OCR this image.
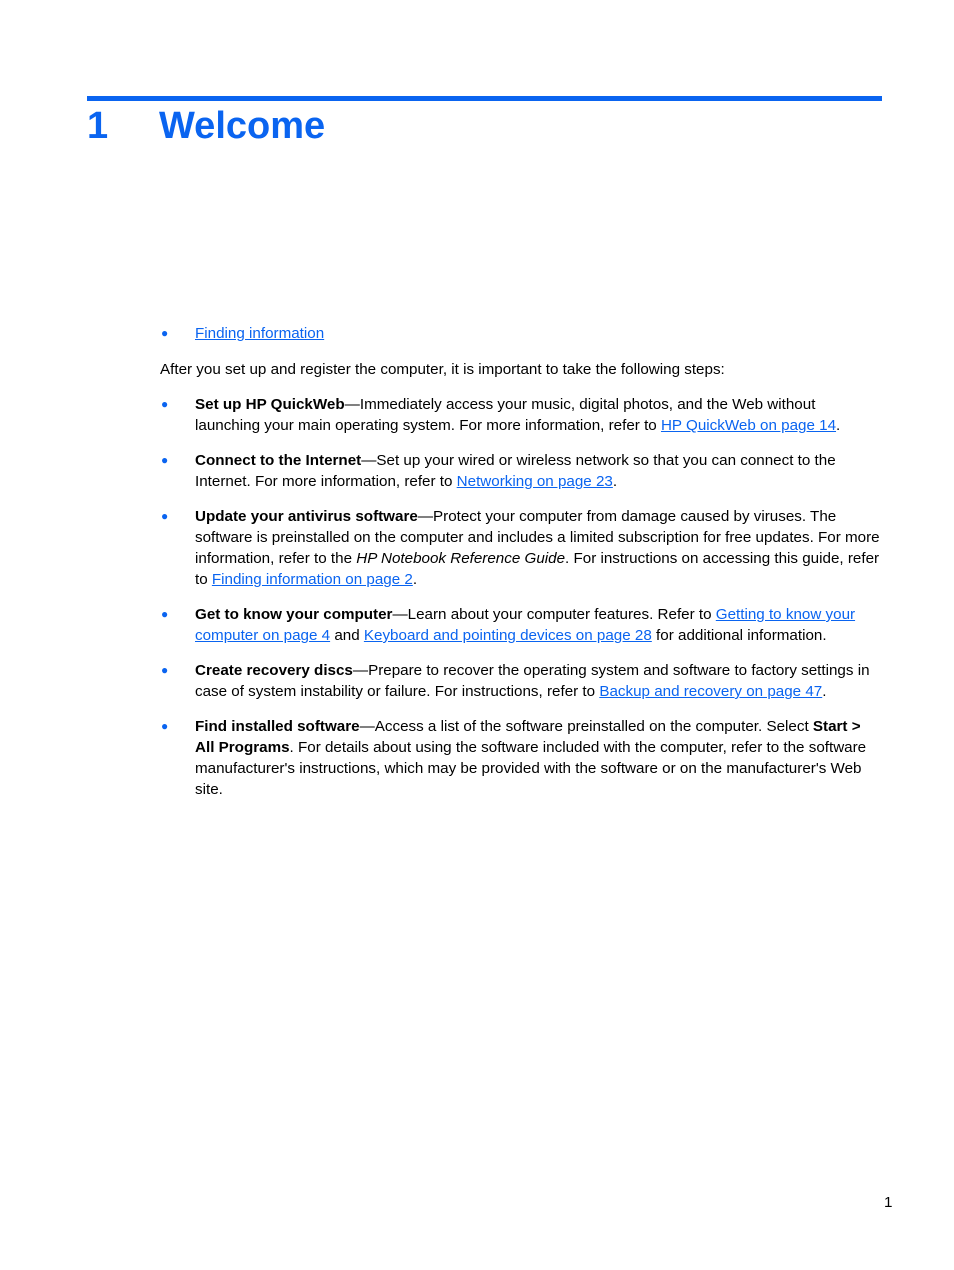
1 Welcome
● Finding information
After you set up and register the computer, it is important to take the following steps:
● Set up HP QuickWeb—Immediately access your music, digital photos, and the Web without launching your main operating system. For more information, refer to HP QuickWeb on page 14.
● Connect to the Internet—Set up your wired or wireless network so that you can connect to the Internet. For more information, refer to Networking on page 23.
● Update your antivirus software—Protect your computer from damage caused by viruses. The software is preinstalled on the computer and includes a limited subscription for free updates. For more information, refer to the HP Notebook Reference Guide. For instructions on accessing this guide, refer to Finding information on page 2.
● Get to know your computer—Learn about your computer features. Refer to Getting to know your computer on page 4 and Keyboard and pointing devices on page 28 for additional information.
● Create recovery discs—Prepare to recover the operating system and software to factory settings in case of system instability or failure. For instructions, refer to Backup and recovery on page 47.
● Find installed software—Access a list of the software preinstalled on the computer. Select Start > All Programs. For details about using the software included with the computer, refer to the software manufacturer's instructions, which may be provided with the software or on the manufacturer's Web site.
1
